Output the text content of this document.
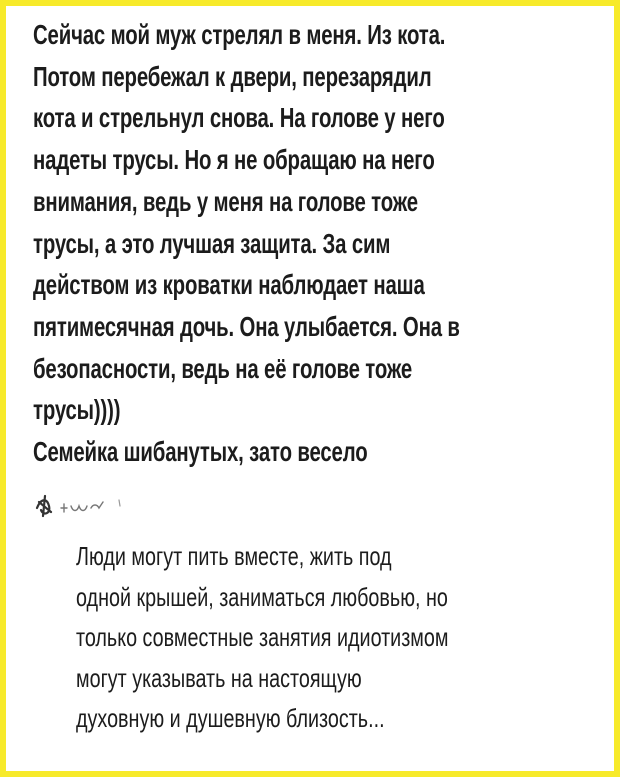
Сейчас мой муж стрелял в меня. Из кота.
Потом перебежал к двери, перезарядил
кота и стрельнул снова. На голове у него
надеты трусы. Но я не обращаю на него
внимания, ведь у меня на голове тоже
трусы, а это лучшая защита. За сим
действом из кроватки наблюдает наша
пятимесячная дочь. Она улыбается. Она в
безопасности, ведь на её голове тоже
трусы))))
Семейка шибанутых, зато весело

Люди могут пить вместе, жить под
одной крышей, заниматься любовью, но
только совместные занятия идиотизмом
могут указывать на настоящую
духовную и душевную близость...
